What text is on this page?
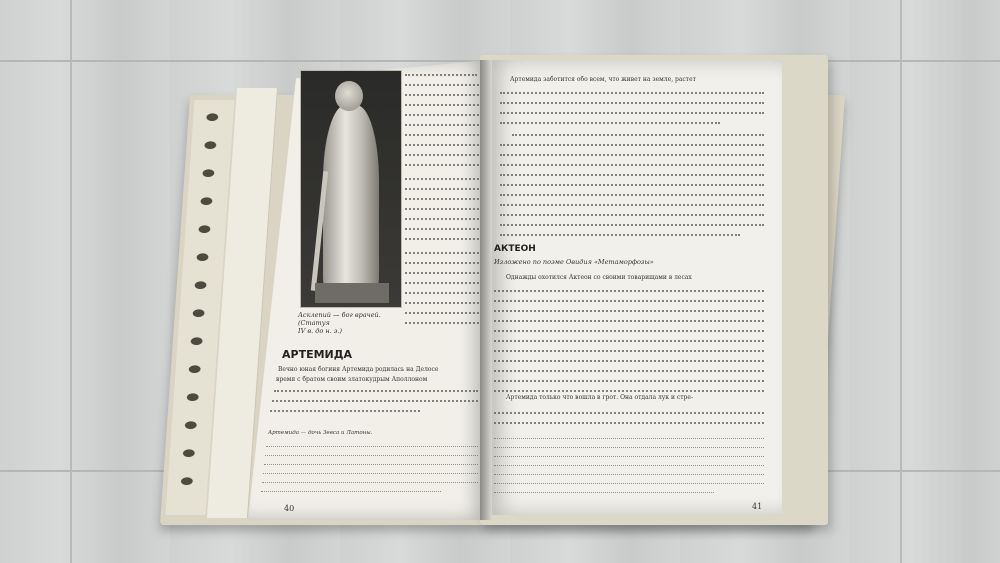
Асклепий — бог врачей. (Статуя
IV в. до н. э.)
АРТЕМИДА
Вечно юная богиня Артемида родилась на Делосе
время с братом своим златокудрым Аполлоном
Артемида — дочь Зевса и Латоны.
40
Артемида заботится обо всем, что живет на земле, растет
АКТЕОН
Изложено по поэме Овидия «Метаморфозы»
Однажды охотился Актеон со своими товарищами в лесах
Артемида только что вошла в грот. Она отдала лук и стре-
41
